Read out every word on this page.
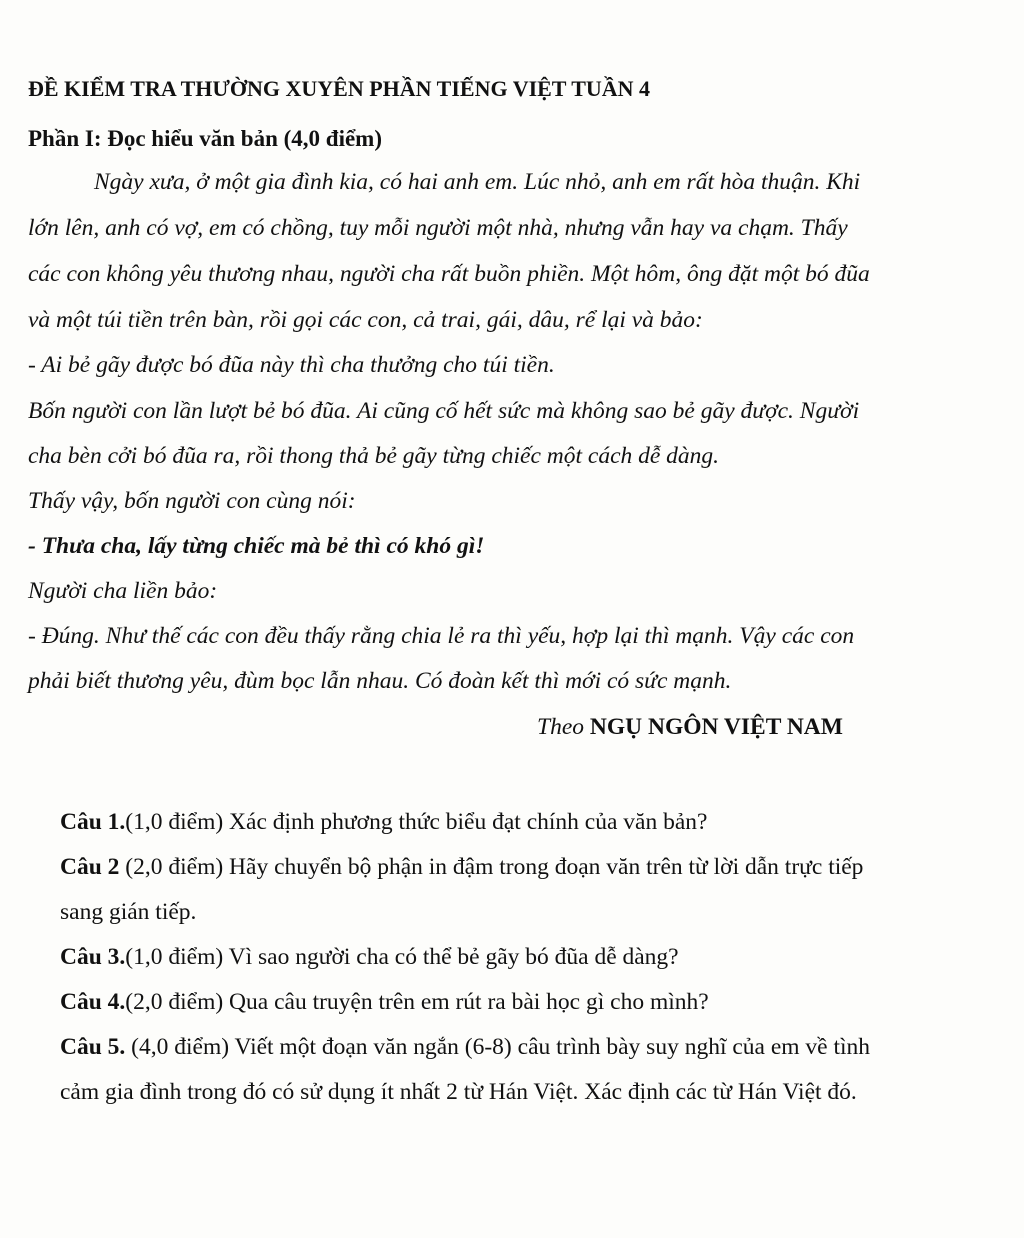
ĐỀ KIỂM TRA THƯỜNG XUYÊN PHẦN TIẾNG VIỆT TUẦN 4
Phần I: Đọc hiểu văn bản (4,0 điểm)
Ngày xưa, ở một gia đình kia, có hai anh em. Lúc nhỏ, anh em rất hòa thuận. Khi
lớn lên, anh có vợ, em có chồng, tuy mỗi người một nhà, nhưng vẫn hay va chạm. Thấy
các con không yêu thương nhau, người cha rất buồn phiền. Một hôm, ông đặt một bó đũa
và một túi tiền trên bàn, rồi gọi các con, cả trai, gái, dâu, rể lại và bảo:
- Ai bẻ gãy được bó đũa này thì cha thưởng cho túi tiền.
Bốn người con lần lượt bẻ bó đũa. Ai cũng cố hết sức mà không sao bẻ gãy được. Người
cha bèn cởi bó đũa ra, rồi thong thả bẻ gãy từng chiếc một cách dễ dàng.
Thấy vậy, bốn người con cùng nói:
- Thưa cha, lấy từng chiếc mà bẻ thì có khó gì!
Người cha liền bảo:
- Đúng. Như thế các con đều thấy rằng chia lẻ ra thì yếu, hợp lại thì mạnh. Vậy các con
phải biết thương yêu, đùm bọc lẫn nhau. Có đoàn kết thì mới có sức mạnh.
Theo NGỤ NGÔN VIỆT NAM
Câu 1.(1,0 điểm) Xác định phương thức biểu đạt chính của văn bản?
Câu 2 (2,0 điểm) Hãy chuyển bộ phận in đậm trong đoạn văn trên từ lời dẫn trực tiếp
sang gián tiếp.
Câu 3.(1,0 điểm) Vì sao người cha có thể bẻ gãy bó đũa dễ dàng?
Câu 4.(2,0 điểm) Qua câu truyện trên em rút ra bài học gì cho mình?
Câu 5. (4,0 điểm) Viết một đoạn văn ngắn (6-8) câu trình bày suy nghĩ của em về tình
cảm gia đình trong đó có sử dụng ít nhất 2 từ Hán Việt. Xác định các từ Hán Việt đó.
